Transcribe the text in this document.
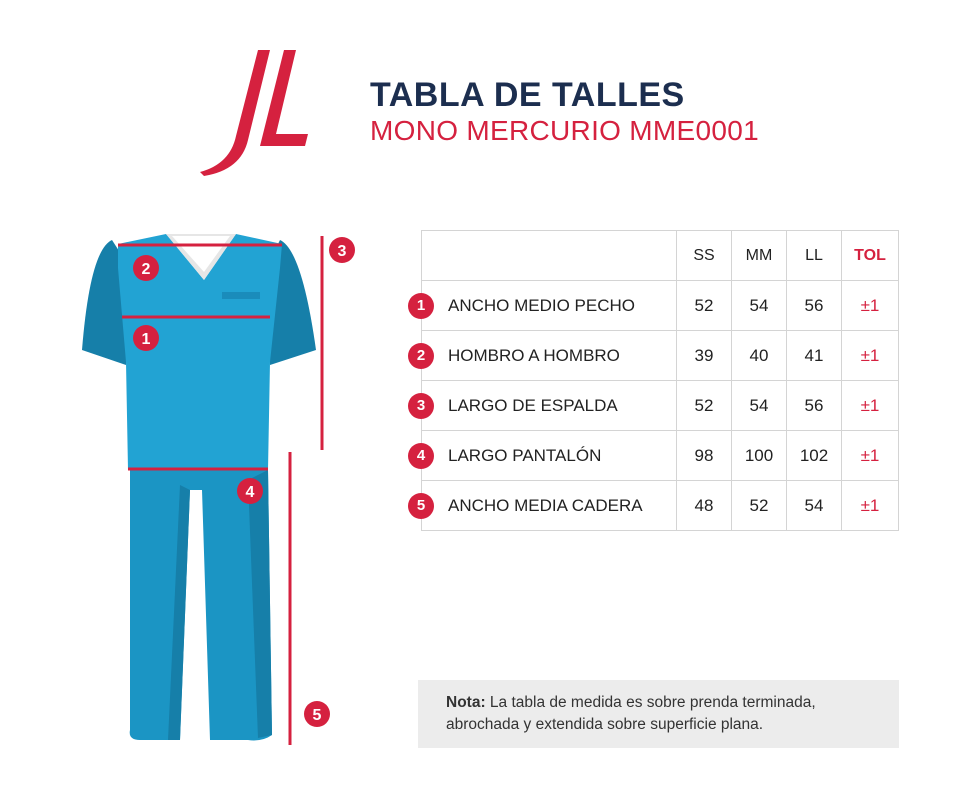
TABLA DE TALLES
MONO MERCURIO MME0001
2
1
3
4
5
	SS	MM	LL	TOL

1 ANCHO MEDIO PECHO	52	54	56	±1

2 HOMBRO A HOMBRO	39	40	41	±1

3 LARGO DE ESPALDA	52	54	56	±1

4 LARGO PANTALÓN	98	100	102	±1

5 ANCHO MEDIA CADERA	48	52	54	±1
Nota: La tabla de medida es sobre prenda terminada, abrochada y extendida sobre superficie plana.
